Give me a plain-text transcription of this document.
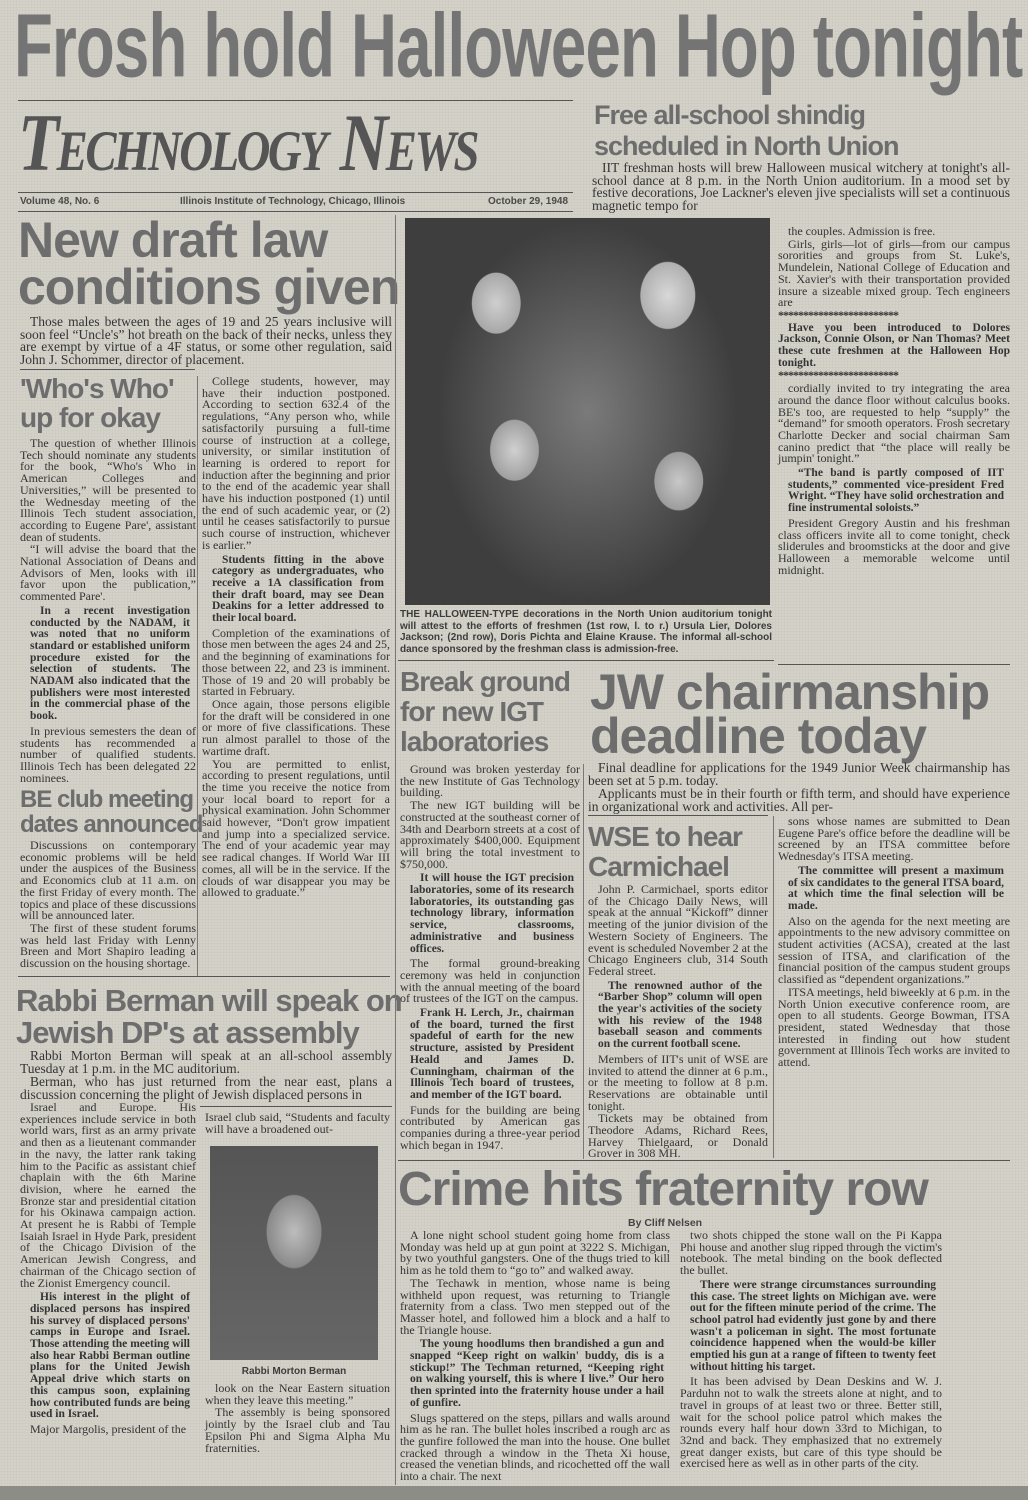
Frosh hold Halloween Hop tonight
Technology News
Volume 48, No. 6	Illinois Institute of Technology, Chicago, Illinois	October 29, 1948
Free all-school shindig
scheduled in North Union

IIT freshman hosts will brew Halloween musical witchery at tonight's all-school dance at 8 p.m. in the North Union auditorium. In a mood set by festive decorations, Joe Lackner's eleven jive specialists will set a continuous magnetic tempo for

THE HALLOWEEN-TYPE decorations in the North Union auditorium tonight will attest to the efforts of freshmen (1st row, l. to r.) Ursula Lier, Dolores Jackson; (2nd row), Doris Pichta and Elaine Krause. The informal all-school dance sponsored by the freshman class is admission-free.

the couples. Admission is free.

Girls, girls—lot of girls—from our campus sororities and groups from St. Luke's, Mundelein, National College of Education and St. Xavier's with their transportation provided insure a sizeable mixed group. Tech engineers are

************************

Have you been introduced to Dolores Jackson, Connie Olson, or Nan Thomas? Meet these cute freshmen at the Halloween Hop tonight.

************************

cordially invited to try integrating the area around the dance floor without calculus books. BE's too, are requested to help “supply” the “demand” for smooth operators. Frosh secretary Charlotte Decker and social chairman Sam canino predict that “the place will really be jumpin' tonight.”

“The band is partly composed of IIT students,” commented vice-president Fred Wright. “They have solid orchestration and fine instrumental soloists.”

President Gregory Austin and his freshman class officers invite all to come tonight, check sliderules and broomsticks at the door and give Halloween a memorable welcome until midnight.

New draft law
conditions given

Those males between the ages of 19 and 25 years inclusive will soon feel “Uncle's” hot breath on the back of their necks, unless they are exempt by virtue of a 4F status, or some other regulation, said John J. Schommer, director of placement.

College students, however, may have their induction postponed. According to section 632.4 of the regulations, “Any person who, while satisfactorily pursuing a full-time course of instruction at a college, university, or similar institution of learning is ordered to report for induction after the beginning and prior to the end of the academic year shall have his induction postponed (1) until the end of such academic year, or (2) until he ceases satisfactorily to pursue such course of instruction, whichever is earlier.”

Students fitting in the above category as undergraduates, who receive a 1A classification from their draft board, may see Dean Deakins for a letter addressed to their local board.

Completion of the examinations of those men between the ages 24 and 25, and the beginning of examinations for those between 22, and 23 is imminent. Those of 19 and 20 will probably be started in February.

Once again, those persons eligible for the draft will be considered in one or more of five classifications. These run almost parallel to those of the wartime draft.

You are permitted to enlist, according to present regulations, until the time you receive the notice from your local board to report for a physical examination. John Schommer said however, “Don't grow impatient and jump into a specialized service. The end of your academic year may see radical changes. If World War III comes, all will be in the service. If the clouds of war disappear you may be allowed to graduate.”

'Who's Who'
up for okay

The question of whether Illinois Tech should nominate any students for the book, “Who's Who in American Colleges and Universities,” will be presented to the Wednesday meeting of the Illinois Tech student association, according to Eugene Pare', assistant dean of students.

“I will advise the board that the National Association of Deans and Advisors of Men, looks with ill favor upon the publication,” commented Pare'.

In a recent investigation conducted by the NADAM, it was noted that no uniform standard or established uniform procedure existed for the selection of students. The NADAM also indicated that the publishers were most interested in the commercial phase of the book.

In previous semesters the dean of students has recommended a number of qualified students. Illinois Tech has been delegated 22 nominees.

BE club meeting
dates announced

Discussions on contemporary economic problems will be held under the auspices of the Business and Economics club at 11 a.m. on the first Friday of every month. The topics and place of these discussions will be announced later.

The first of these student forums was held last Friday with Lenny Breen and Mort Shapiro leading a discussion on the housing shortage.

Break ground
for new IGT
laboratories

Ground was broken yesterday for the new Institute of Gas Technology building.

The new IGT building will be constructed at the southeast corner of 34th and Dearborn streets at a cost of approximately $400,000. Equipment will bring the total investment to $750,000.

It will house the IGT precision laboratories, some of its research laboratories, its outstanding gas technology library, information service, classrooms, administrative and business offices.

The formal ground-breaking ceremony was held in conjunction with the annual meeting of the board of trustees of the IGT on the campus.

Frank H. Lerch, Jr., chairman of the board, turned the first spadeful of earth for the new structure, assisted by President Heald and James D. Cunningham, chairman of the Illinois Tech board of trustees, and member of the IGT board.

Funds for the building are being contributed by American gas companies during a three-year period which began in 1947.

JW chairmanship
deadline today

Final deadline for applications for the 1949 Junior Week chairmanship has been set at 5 p.m. today.

Applicants must be in their fourth or fifth term, and should have experience in organizational work and activities. All per-

sons whose names are submitted to Dean Eugene Pare's office before the deadline will be screened by an ITSA committee before Wednesday's ITSA meeting.

The committee will present a maximum of six candidates to the general ITSA board, at which time the final selection will be made.

Also on the agenda for the next meeting are appointments to the new advisory committee on student activities (ACSA), created at the last session of ITSA, and clarification of the financial position of the campus student groups classified as “dependent organizations.”

ITSA meetings, held biweekly at 6 p.m. in the North Union executive conference room, are open to all students. George Bowman, ITSA president, stated Wednesday that those interested in finding out how student government at Illinois Tech works are invited to attend.

WSE to hear
Carmichael

John P. Carmichael, sports editor of the Chicago Daily News, will speak at the annual “Kickoff” dinner meeting of the junior division of the Western Society of Engineers. The event is scheduled November 2 at the Chicago Engineers club, 314 South Federal street.

The renowned author of the “Barber Shop” column will open the year's activities of the society with his review of the 1948 baseball season and comments on the current football scene.

Members of IIT's unit of WSE are invited to attend the dinner at 6 p.m., or the meeting to follow at 8 p.m. Reservations are obtainable until tonight.

Tickets may be obtained from Theodore Adams, Richard Rees, Harvey Thielgaard, or Donald Grover in 308 MH.

Rabbi Berman will speak on
Jewish DP's at assembly

Rabbi Morton Berman will speak at an all-school assembly Tuesday at 1 p.m. in the MC auditorium.

Berman, who has just returned from the near east, plans a discussion concerning the plight of Jewish displaced persons in

Israel and Europe. His experiences include service in both world wars, first as an army private and then as a lieutenant commander in the navy, the latter rank taking him to the Pacific as assistant chief chaplain with the 6th Marine division, where he earned the Bronze star and presidential citation for his Okinawa campaign action. At present he is Rabbi of Temple Isaiah Israel in Hyde Park, president of the Chicago Division of the American Jewish Congress, and chairman of the Chicago section of the Zionist Emergency council.

His interest in the plight of displaced persons has inspired his survey of displaced persons' camps in Europe and Israel. Those attending the meeting will also hear Rabbi Berman outline plans for the United Jewish Appeal drive which starts on this campus soon, explaining how contributed funds are being used in Israel.

Major Margolis, president of the

Israel club said, “Students and faculty will have a broadened out-

Rabbi Morton Berman

look on the Near Eastern situation when they leave this meeting.”

The assembly is being sponsored jointly by the Israel club and Tau Epsilon Phi and Sigma Alpha Mu fraternities.

Crime hits fraternity row
By Cliff Nelsen

A lone night school student going home from class Monday was held up at gun point at 3222 S. Michigan, by two youthful gangsters. One of the thugs tried to kill him as he told them to “go to” and walked away.

The Techawk in mention, whose name is being withheld upon request, was returning to Triangle fraternity from a class. Two men stepped out of the Masser hotel, and followed him a block and a half to the Triangle house.

The young hoodlums then brandished a gun and snapped “Keep right on walkin' buddy, dis is a stickup!” The Techman returned, “Keeping right on walking yourself, this is where I live.” Our hero then sprinted into the fraternity house under a hail of gunfire.

Slugs spattered on the steps, pillars and walls around him as he ran. The bullet holes inscribed a rough arc as the gunfire followed the man into the house. One bullet cracked through a window in the Theta Xi house, creased the venetian blinds, and ricochetted off the wall into a chair. The next

two shots chipped the stone wall on the Pi Kappa Phi house and another slug ripped through the victim's notebook. The metal binding on the book deflected the bullet.

There were strange circumstances surrounding this case. The street lights on Michigan ave. were out for the fifteen minute period of the crime. The school patrol had evidently just gone by and there wasn't a policeman in sight. The most fortunate coincidence happened when the would-be killer emptied his gun at a range of fifteen to twenty feet without hitting his target.

It has been advised by Dean Deskins and W. J. Parduhn not to walk the streets alone at night, and to travel in groups of at least two or three. Better still, wait for the school police patrol which makes the rounds every half hour down 33rd to Michigan, to 32nd and back. They emphasized that no extremely great danger exists, but care of this type should be exercised here as well as in other parts of the city.
